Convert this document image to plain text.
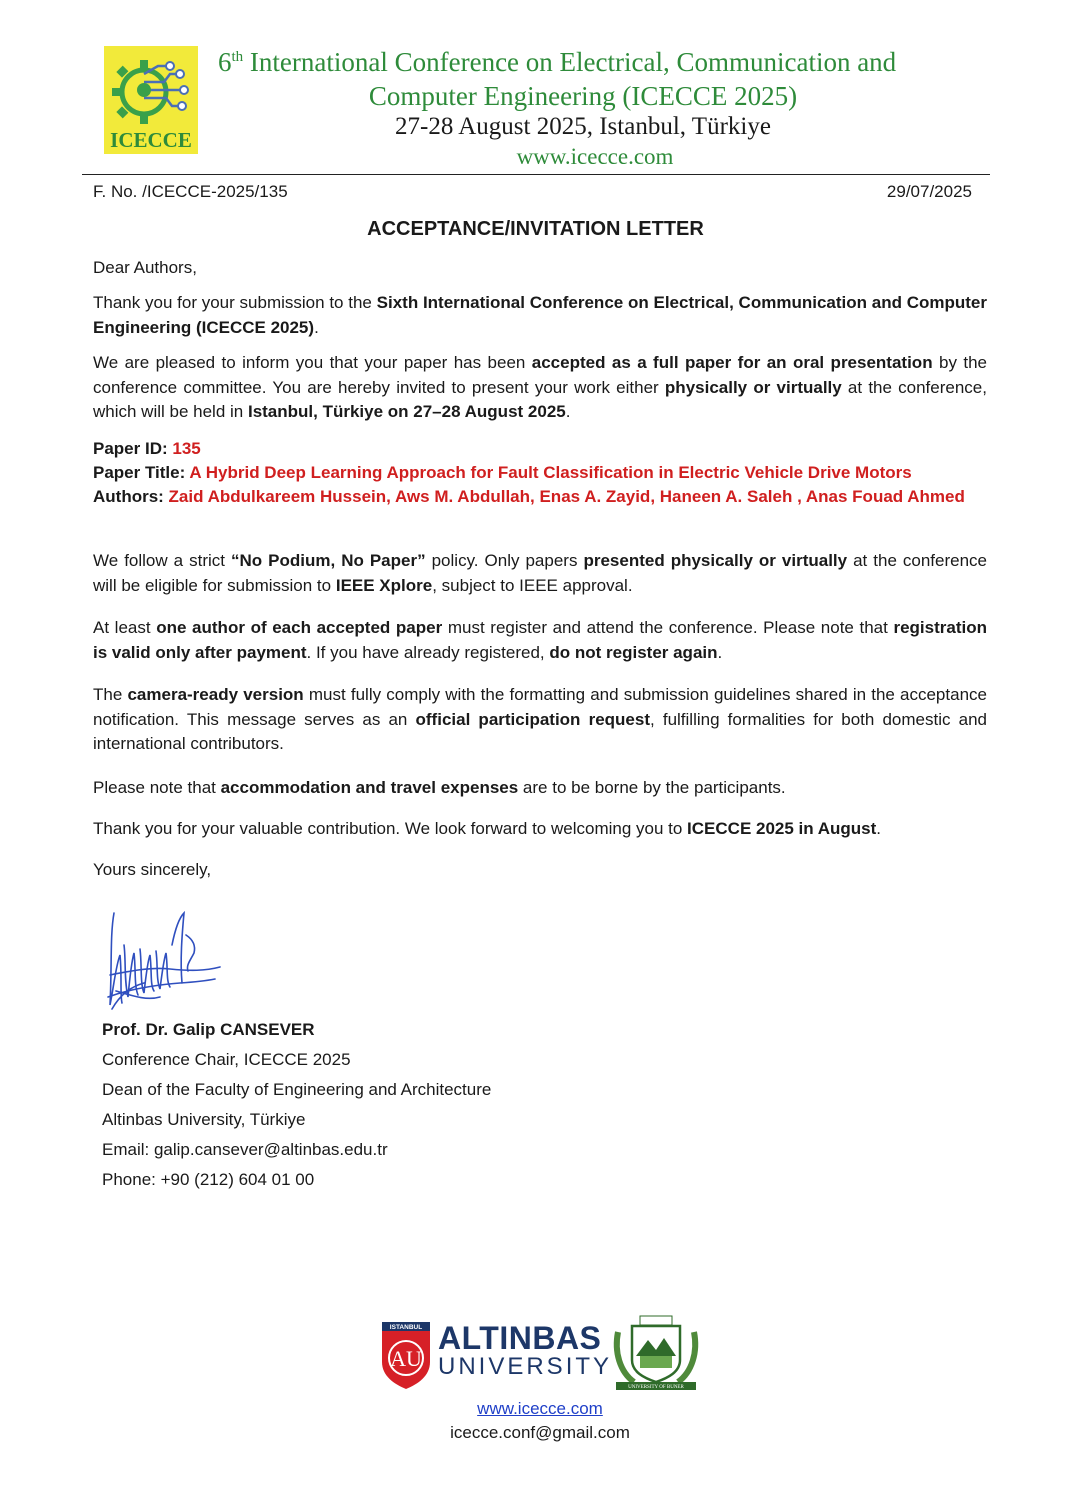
ICECCE
6th International Conference on Electrical, Communication and
Computer Engineering (ICECCE 2025)
27-28 August 2025, Istanbul, Türkiye
www.icecce.com
F. No. /ICECCE-2025/135	29/07/2025
ACCEPTANCE/INVITATION LETTER
Dear Authors,
Thank you for your submission to the Sixth International Conference on Electrical, Communication and Computer Engineering (ICECCE 2025).
We are pleased to inform you that your paper has been accepted as a full paper for an oral presentation by the conference committee. You are hereby invited to present your work either physically or virtually at the conference, which will be held in Istanbul, Türkiye on 27–28 August 2025.
Paper ID: 135
Paper Title: A Hybrid Deep Learning Approach for Fault Classification in Electric Vehicle Drive Motors
Authors: Zaid Abdulkareem Hussein, Aws M. Abdullah, Enas A. Zayid, Haneen A. Saleh , Anas Fouad Ahmed
We follow a strict “No Podium, No Paper” policy. Only papers presented physically or virtually at the conference will be eligible for submission to IEEE Xplore, subject to IEEE approval.
At least one author of each accepted paper must register and attend the conference. Please note that registration is valid only after payment. If you have already registered, do not register again.
The camera-ready version must fully comply with the formatting and submission guidelines shared in the acceptance notification. This message serves as an official participation request, fulfilling formalities for both domestic and international contributors.
Please note that accommodation and travel expenses are to be borne by the participants.
Thank you for your valuable contribution. We look forward to welcoming you to ICECCE 2025 in August.
Yours sincerely,
Prof. Dr. Galip CANSEVER
Conference Chair, ICECCE 2025
Dean of the Faculty of Engineering and Architecture
Altinbas University, Türkiye
Email: galip.cansever@altinbas.edu.tr
Phone: +90 (212) 604 01 00
ISTANBUL
AU
ALTINBAS
UNIVERSITY
UNIVERSITY OF BUNER
www.icecce.com
icecce.conf@gmail.com
